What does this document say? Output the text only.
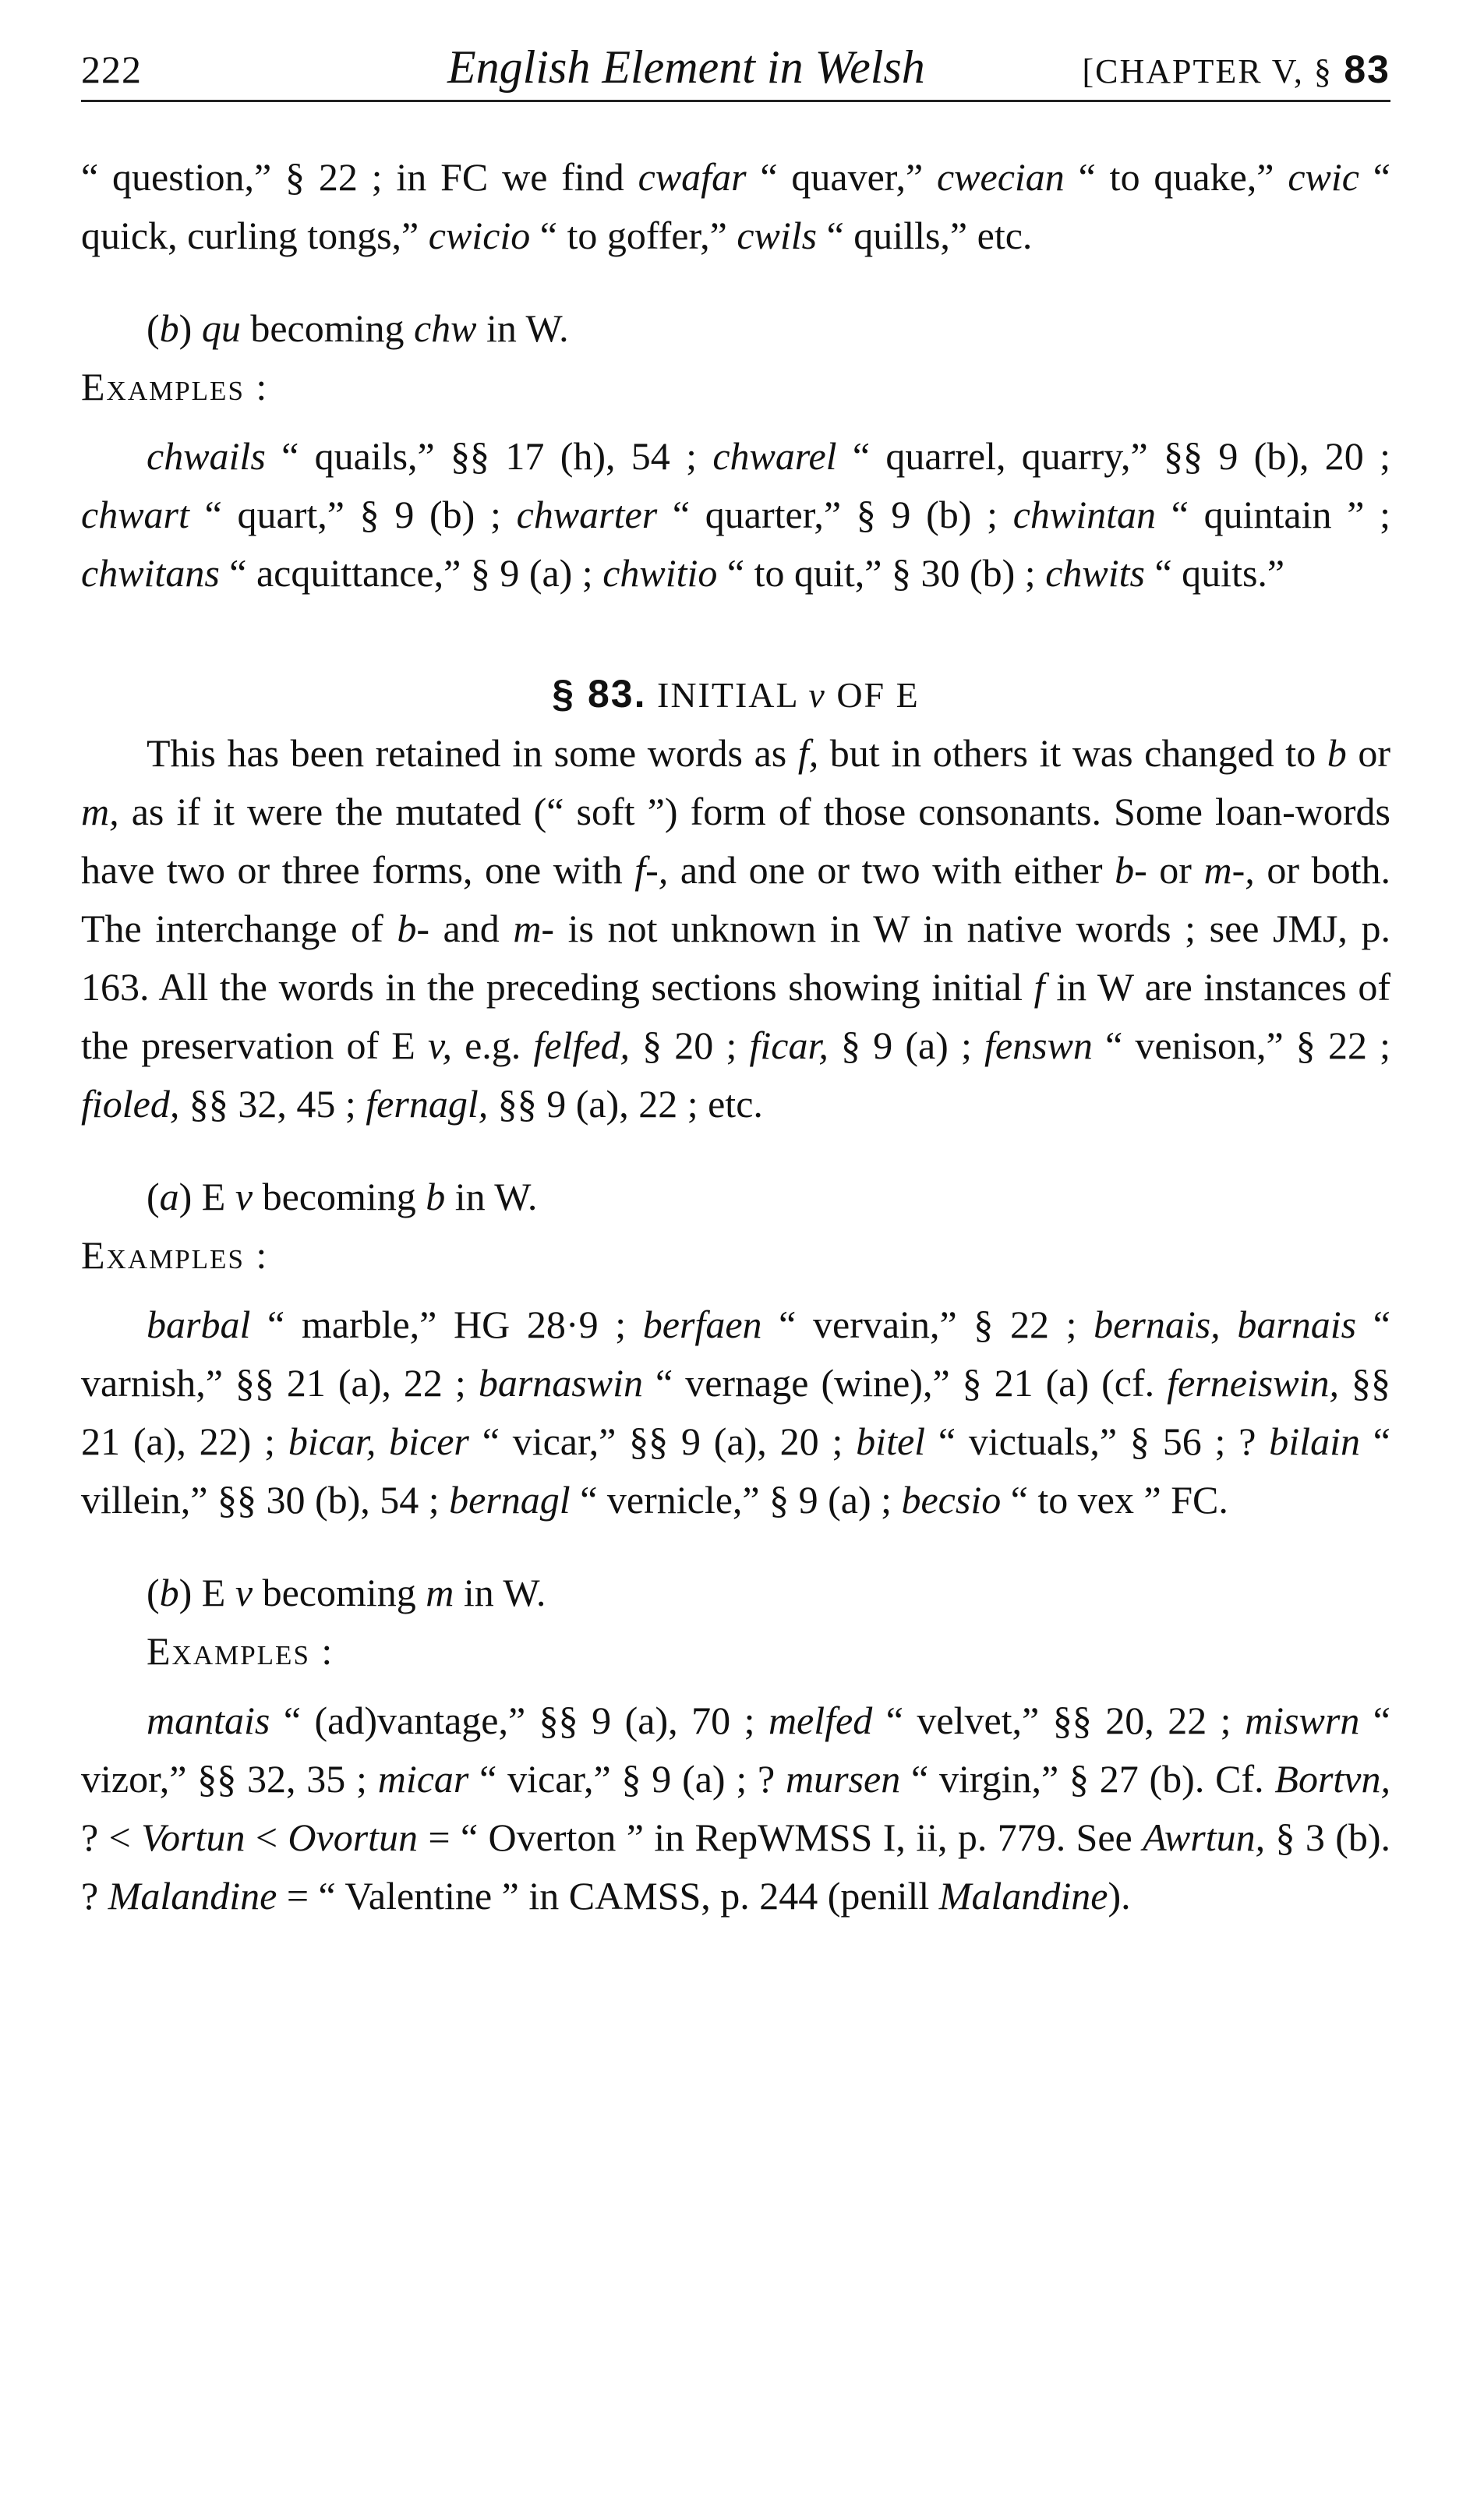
222	English Element in Welsh	[CHAPTER V, § 83

“ question,” § 22 ; in FC we find cwafar “ quaver,” cwecian “ to quake,” cwic “ quick, curling tongs,” cwicio “ to goffer,” cwils “ quills,” etc.

(b) qu becoming chw in W.

Examples :

chwails “ quails,” §§ 17 (h), 54 ; chwarel “ quarrel, quarry,” §§ 9 (b), 20 ; chwart “ quart,” § 9 (b) ; chwarter “ quarter,” § 9 (b) ; chwintan “ quintain ” ; chwitans “ acquittance,” § 9 (a) ; chwitio “ to quit,” § 30 (b) ; chwits “ quits.”

§ 83. INITIAL v OF E

This has been retained in some words as f, but in others it was changed to b or m, as if it were the mutated (“ soft ”) form of those consonants. Some loan-words have two or three forms, one with f-, and one or two with either b- or m-, or both. The interchange of b- and m- is not unknown in W in native words ; see JMJ, p. 163. All the words in the preceding sections showing initial f in W are instances of the preservation of E v, e.g. felfed, § 20 ; ficar, § 9 (a) ; fenswn “ venison,” § 22 ; fioled, §§ 32, 45 ; fernagl, §§ 9 (a), 22 ; etc.

(a) E v becoming b in W.

Examples :

barbal “ marble,” HG 28·9 ; berfaen “ vervain,” § 22 ; bernais, barnais “ varnish,” §§ 21 (a), 22 ; barnaswin “ vernage (wine),” § 21 (a) (cf. ferneiswin, §§ 21 (a), 22) ; bicar, bicer “ vicar,” §§ 9 (a), 20 ; bitel “ victuals,” § 56 ; ? bilain “ villein,” §§ 30 (b), 54 ; bernagl “ vernicle,” § 9 (a) ; becsio “ to vex ” FC.

(b) E v becoming m in W.

Examples :

mantais “ (ad)vantage,” §§ 9 (a), 70 ; melfed “ velvet,” §§ 20, 22 ; miswrn “ vizor,” §§ 32, 35 ; micar “ vicar,” § 9 (a) ; ? mursen “ virgin,” § 27 (b). Cf. Bortvn, ? < Vortun < Ovortun = “ Overton ” in RepWMSS I, ii, p. 779. See Awrtun, § 3 (b). ? Malandine = “ Valentine ” in CAMSS, p. 244 (penill Malandine).
